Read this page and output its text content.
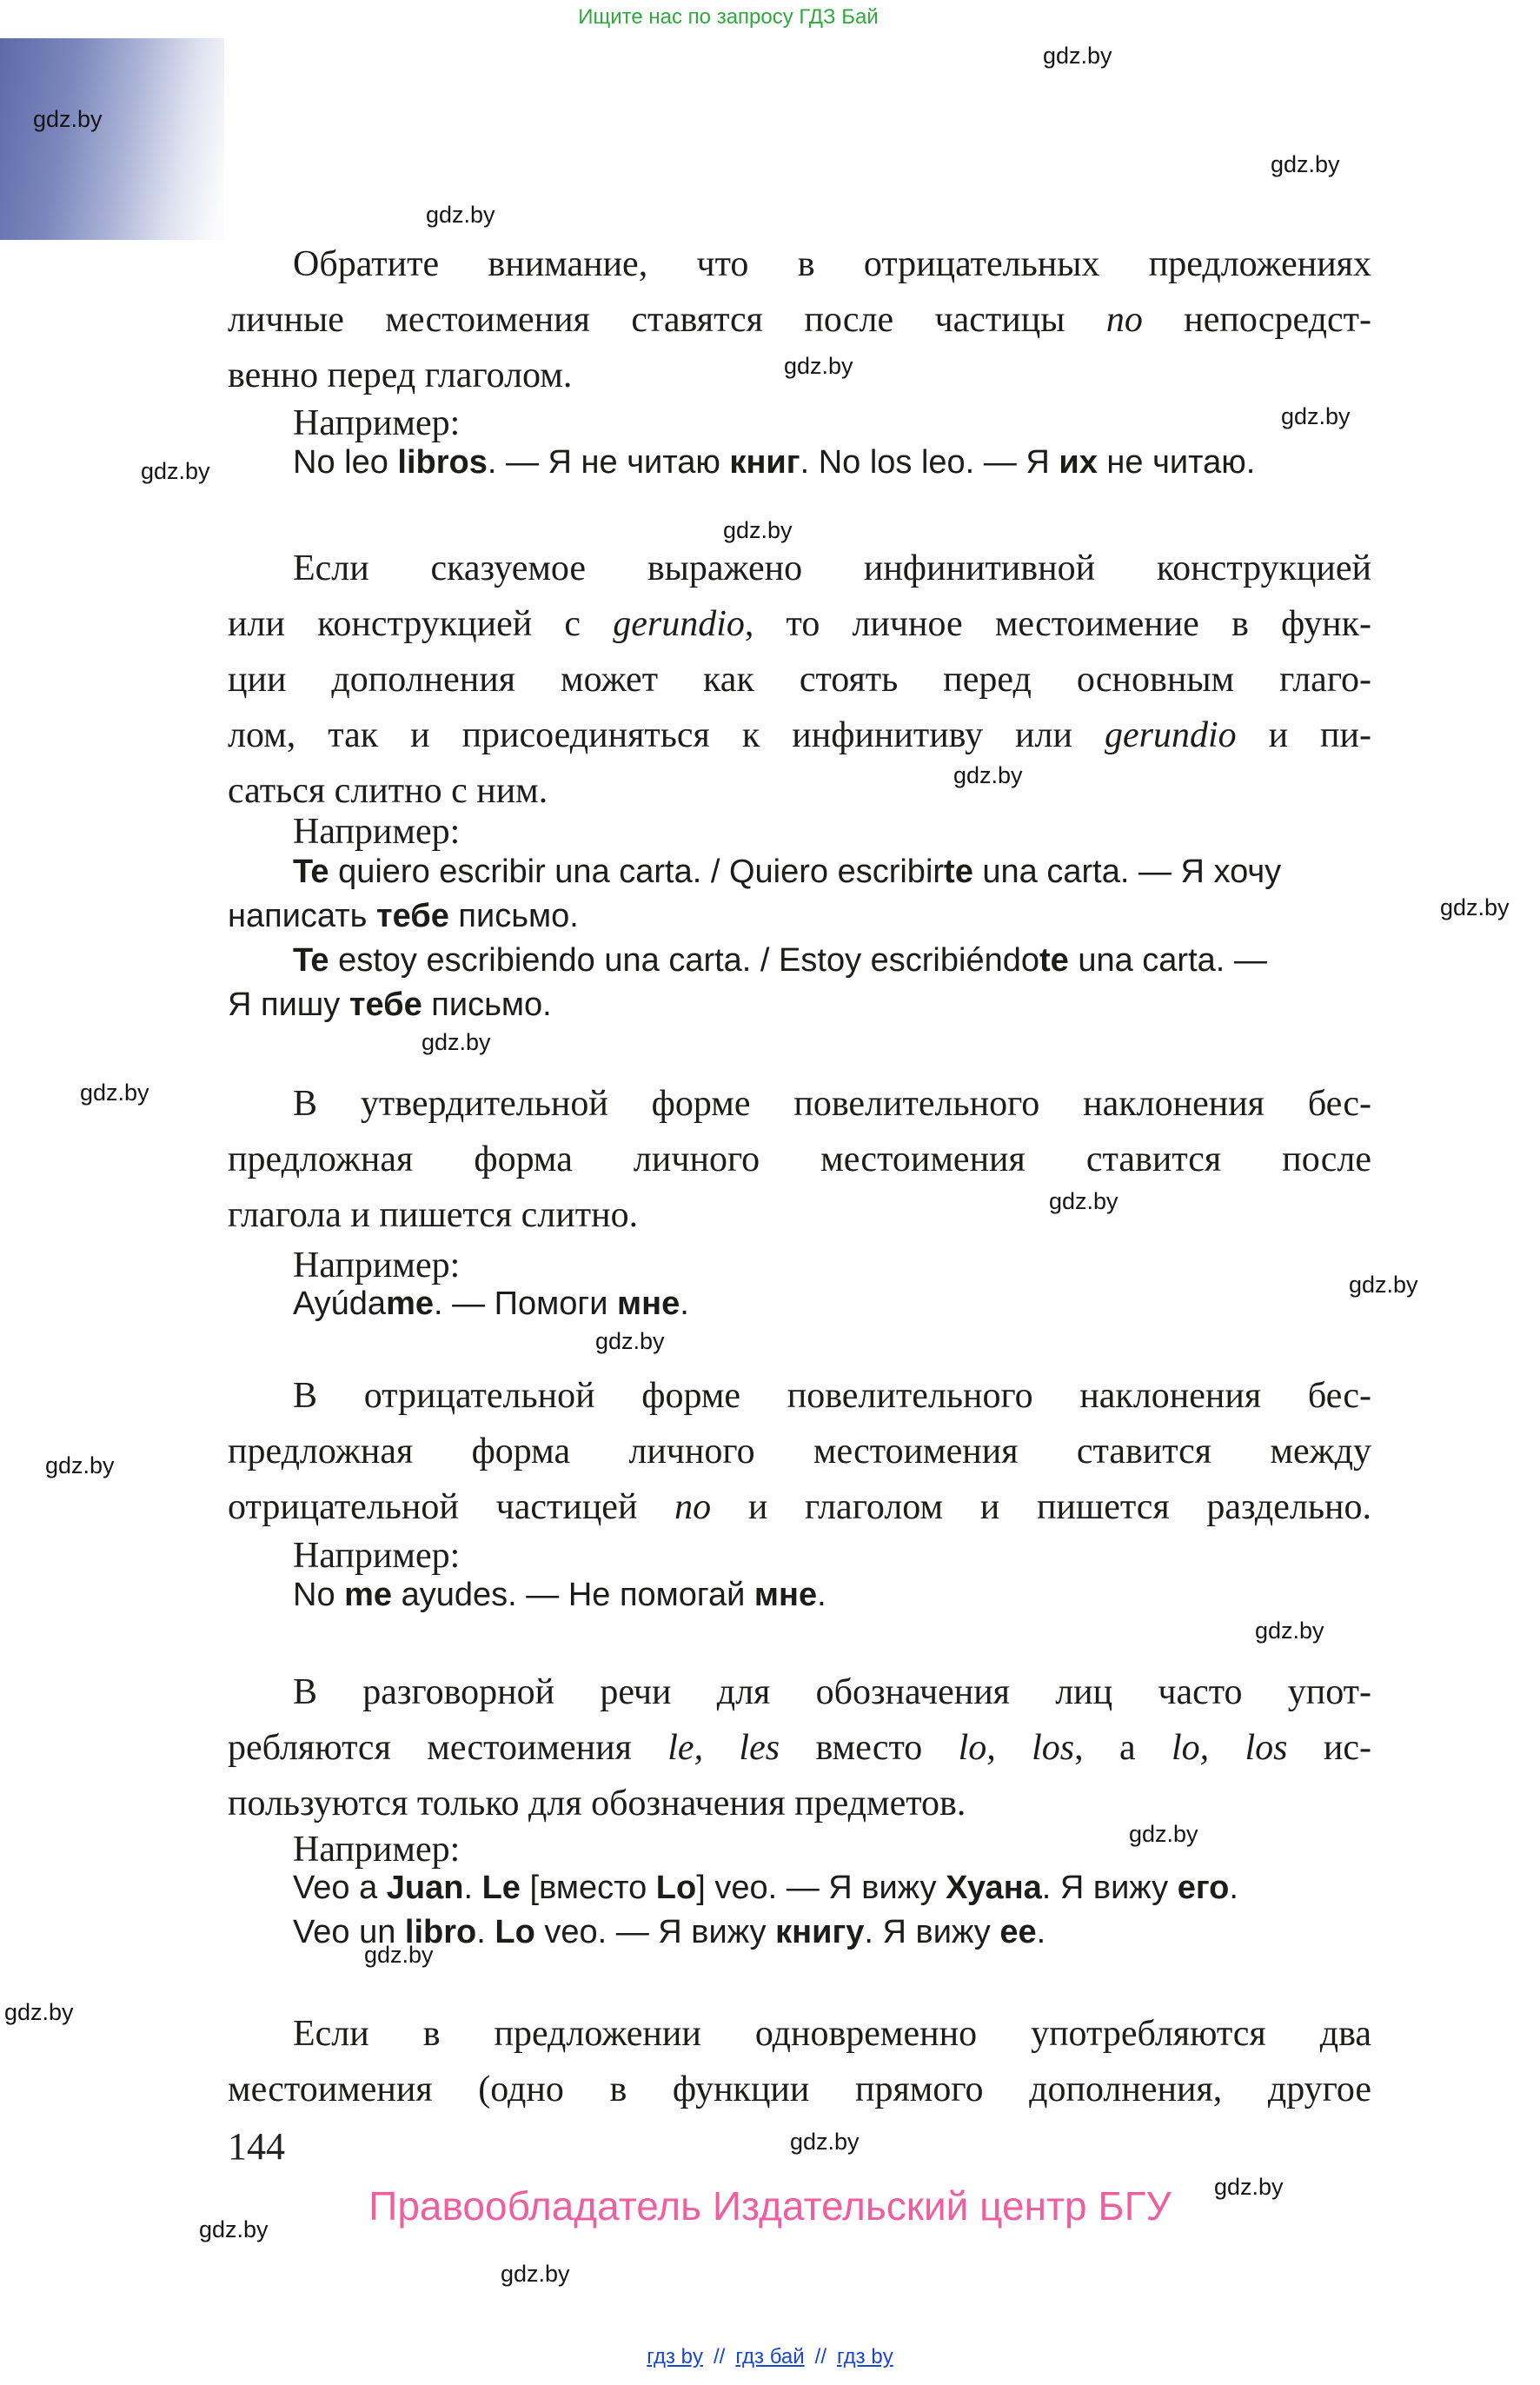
Ищите нас по запросу ГДЗ Бай
gdz.by
gdz.by
gdz.by
gdz.by
gdz.by
gdz.by
gdz.by
gdz.by
gdz.by
gdz.by
gdz.by
gdz.by
gdz.by
gdz.by
gdz.by
gdz.by
gdz.by
gdz.by
gdz.by
gdz.by
gdz.by
gdz.by
gdz.by
gdz.by
Обратите внимание, что в отрицательных предложениях
личные местоимения ставятся после частицы no непосредст-
венно перед глаголом.
Например:
No leo libros. — Я не читаю книг. No los leo. — Я их не читаю.
Если сказуемое выражено инфинитивной конструкцией
или конструкцией с gerundio, то личное местоимение в функ-
ции дополнения может как стоять перед основным глаго-
лом, так и присоединяться к инфинитиву или gerundio и пи-
саться слитно с ним.
Например:
Te quiero escribir una carta. / Quiero escribirte una carta. — Я хочу
написать тебе письмо.
Te estoy escribiendo una carta. / Estoy escribiéndote una carta. —
Я пишу тебе письмо.
В утвердительной форме повелительного наклонения бес-
предложная форма личного местоимения ставится после
глагола и пишется слитно.
Например:
Ayúdame. — Помоги мне.
В отрицательной форме повелительного наклонения бес-
предложная форма личного местоимения ставится между
отрицательной частицей no и глаголом и пишется раздельно.
Например:
No me ayudes. — Не помогай мне.
В разговорной речи для обозначения лиц часто упот-
ребляются местоимения le, les вместо lo, los, а lo, los ис-
пользуются только для обозначения предметов.
Например:
Veo a Juan. Le [вместо Lo] veo. — Я вижу Хуана. Я вижу его.
Veo un libro. Lo veo. — Я вижу книгу. Я вижу ее.
Если в предложении одновременно употребляются два
местоимения (одно в функции прямого дополнения, другое
144
Правообладатель Издательский центр БГУ
гдз by // гдз бай // гдз by
